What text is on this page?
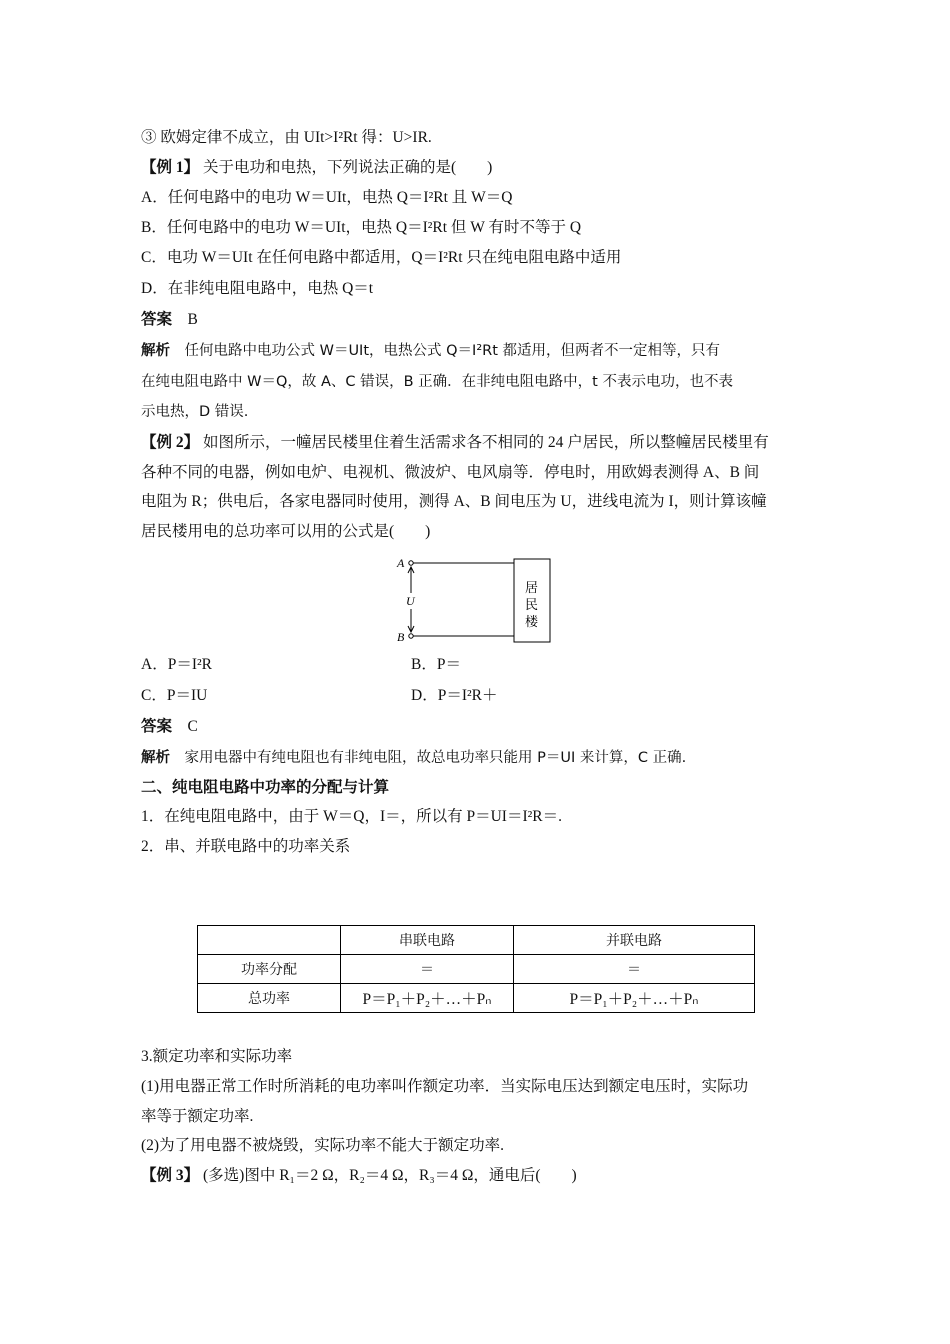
③ 欧姆定律不成立，由 UIt>I²Rt 得：U>IR.
【例 1】 关于电功和电热，下列说法正确的是(　　)
A．任何电路中的电功 W＝UIt，电热 Q＝I²Rt 且 W＝Q
B．任何电路中的电功 W＝UIt，电热 Q＝I²Rt 但 W 有时不等于 Q
C．电功 W＝UIt 在任何电路中都适用，Q＝I²Rt 只在纯电阻电路中适用
D．在非纯电阻电路中，电热 Q＝t
答案　B
解析　任何电路中电功公式 W＝UIt，电热公式 Q＝I²Rt 都适用，但两者不一定相等，只有
在纯电阻电路中 W＝Q，故 A、C 错误，B 正确．在非纯电阻电路中，t 不表示电功，也不表
示电热，D 错误.
【例 2】 如图所示，一幢居民楼里住着生活需求各不相同的 24 户居民，所以整幢居民楼里有
各种不同的电器，例如电炉、电视机、微波炉、电风扇等．停电时，用欧姆表测得 A、B 间
电阻为 R；供电后，各家电器同时使用，测得 A、B 间电压为 U，进线电流为 I，则计算该幢
居民楼用电的总功率可以用的公式是(　　)
A
B
U
居
民
楼
A．P＝I²R	B．P＝
C．P＝IU	D．P＝I²R＋
答案　C
解析　家用电器中有纯电阻也有非纯电阻，故总电功率只能用 P＝UI 来计算，C 正确.
二、纯电阻电路中功率的分配与计算
1．在纯电阻电路中，由于 W＝Q，I＝，所以有 P＝UI＝I²R＝.
2．串、并联电路中的功率关系
	串联电路	并联电路
功率分配	＝	＝
总功率	P＝P₁＋P₂＋…＋Pₙ	P＝P₁＋P₂＋…＋Pₙ
3.额定功率和实际功率
(1)用电器正常工作时所消耗的电功率叫作额定功率．当实际电压达到额定电压时，实际功
率等于额定功率.
(2)为了用电器不被烧毁，实际功率不能大于额定功率.
【例 3】 (多选)图中 R₁＝2 Ω，R₂＝4 Ω，R₃＝4 Ω，通电后(　　)
